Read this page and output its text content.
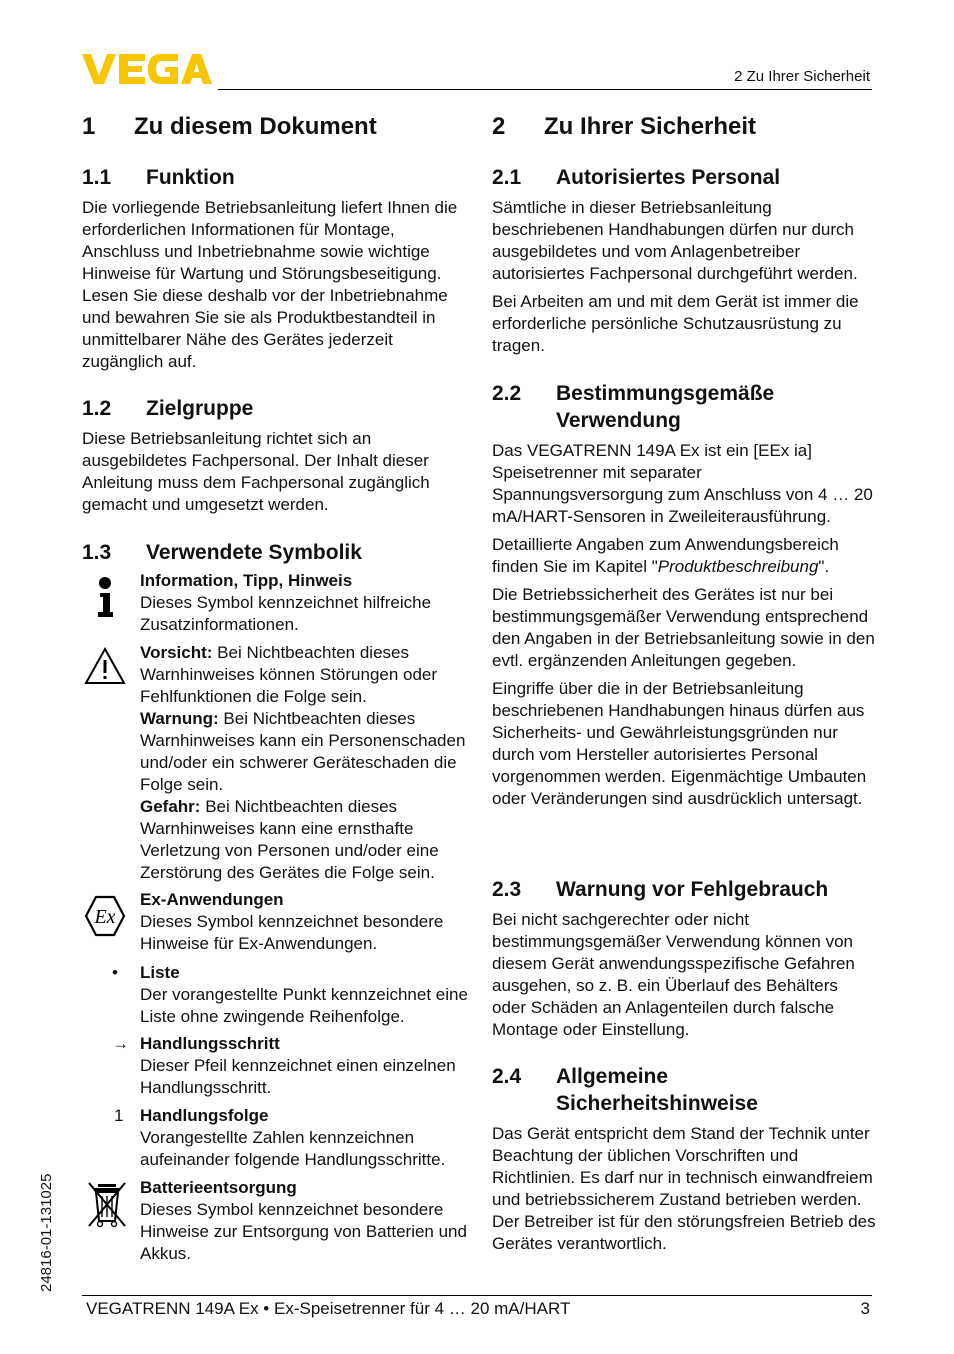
2 Zu Ihrer Sicherheit
1 Zu diesem Dokument
1.1 Funktion

Die vorliegende Betriebsanleitung liefert Ihnen die erforderlichen Informationen für Montage, Anschluss und Inbetriebnahme sowie wichtige Hinweise für Wartung und Störungsbeseitigung. Lesen Sie diese deshalb vor der Inbetriebnahme und bewahren Sie sie als Produktbestandteil in unmittelbarer Nähe des Gerätes jederzeit zugänglich auf.

1.2 Zielgruppe

Diese Betriebsanleitung richtet sich an ausgebildetes Fachpersonal. Der Inhalt dieser Anleitung muss dem Fachpersonal zugänglich gemacht und umgesetzt werden.

1.3 Verwendete Symbolik
Information, Tipp, Hinweis
Dieses Symbol kennzeichnet hilfreiche Zusatzinformationen.
Vorsicht: Bei Nichtbeachten dieses Warnhinweises können Störungen oder Fehlfunktionen die Folge sein.
Warnung: Bei Nichtbeachten dieses Warnhinweises kann ein Personenschaden und/oder ein schwerer Geräteschaden die Folge sein.
Gefahr: Bei Nichtbeachten dieses Warnhinweises kann eine ernsthafte Verletzung von Personen und/oder eine Zerstörung des Gerätes die Folge sein.
Ex
Ex-Anwendungen
Dieses Symbol kennzeichnet besondere Hinweise für Ex-Anwendungen.
• Liste
Der vorangestellte Punkt kennzeichnet eine Liste ohne zwingende Reihenfolge.
→ Handlungsschritt
Dieser Pfeil kennzeichnet einen einzelnen Handlungsschritt.
1 Handlungsfolge
Vorangestellte Zahlen kennzeichnen aufeinander folgende Handlungsschritte.
Batterieentsorgung
Dieses Symbol kennzeichnet besondere Hinweise zur Entsorgung von Batterien und Akkus.
2 Zu Ihrer Sicherheit
2.1 Autorisiertes Personal

Sämtliche in dieser Betriebsanleitung beschriebenen Handhabungen dürfen nur durch ausgebildetes und vom Anlagenbetreiber autorisiertes Fachpersonal durchgeführt werden.

Bei Arbeiten am und mit dem Gerät ist immer die erforderliche persönliche Schutzausrüstung zu tragen.

2.2 Bestimmungsgemäße
Verwendung

Das VEGATRENN 149A Ex ist ein [EEx ia] Speisetrenner mit separater Spannungsversorgung zum Anschluss von 4 … 20 mA/HART-Sensoren in Zweileiterausführung.

Detaillierte Angaben zum Anwendungsbereich finden Sie im Kapitel "Produktbeschreibung".

Die Betriebssicherheit des Gerätes ist nur bei bestimmungsgemäßer Verwendung entsprechend den Angaben in der Betriebsanleitung sowie in den evtl. ergänzenden Anleitungen gegeben.

Eingriffe über die in der Betriebsanleitung beschriebenen Handhabungen hinaus dürfen aus Sicherheits- und Gewährleistungsgründen nur durch vom Hersteller autorisiertes Personal vorgenommen werden. Eigenmächtige Umbauten oder Veränderungen sind ausdrücklich untersagt.

2.3 Warnung vor Fehlgebrauch

Bei nicht sachgerechter oder nicht bestimmungsgemäßer Verwendung können von diesem Gerät anwendungsspezifische Gefahren ausgehen, so z. B. ein Überlauf des Behälters oder Schäden an Anlagenteilen durch falsche Montage oder Einstellung.

2.4 Allgemeine
Sicherheitshinweise

Das Gerät entspricht dem Stand der Technik unter Beachtung der üblichen Vorschriften und Richtlinien. Es darf nur in technisch einwandfreiem und betriebssicherem Zustand betrieben werden. Der Betreiber ist für den störungsfreien Betrieb des Gerätes verantwortlich.

24816-01-131025
VEGATRENN 149A Ex • Ex-Speisetrenner für 4 … 20 mA/HART	3
